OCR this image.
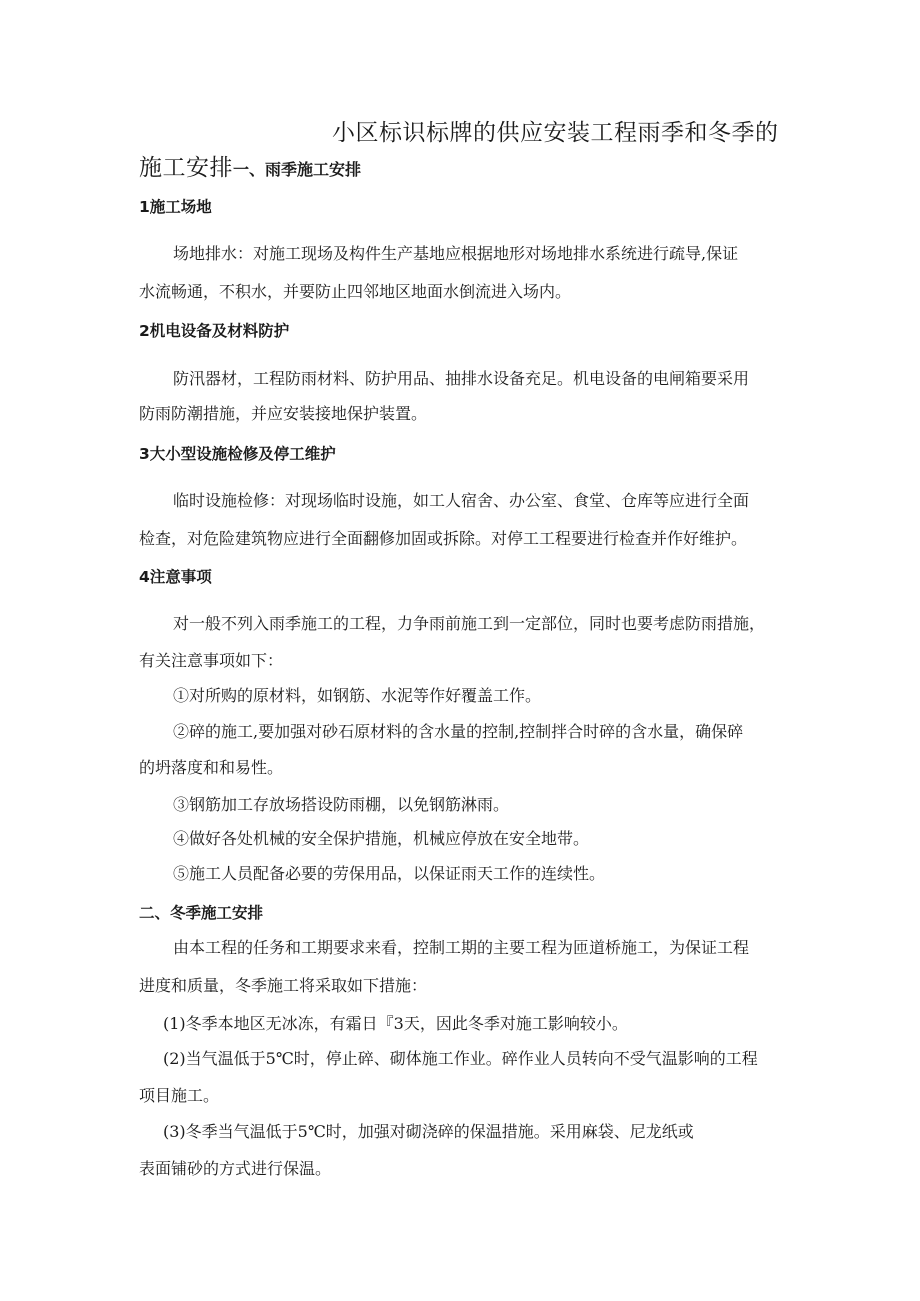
小区标识标牌的供应安装工程雨季和冬季的
施工安排一、雨季施工安排
1施工场地
场地排水：对施工现场及构件生产基地应根据地形对场地排水系统进行疏导,保证
水流畅通，不积水，并要防止四邻地区地面水倒流进入场内。
2机电设备及材料防护
防汛器材，工程防雨材料、防护用品、抽排水设备充足。机电设备的电闸箱要采用
防雨防潮措施，并应安装接地保护装置。
3大小型设施检修及停工维护
临时设施检修：对现场临时设施，如工人宿舍、办公室、食堂、仓库等应进行全面
检查，对危险建筑物应进行全面翻修加固或拆除。对停工工程要进行检查并作好维护。
4注意事项
对一般不列入雨季施工的工程，力争雨前施工到一定部位，同时也要考虑防雨措施，
有关注意事项如下：
①对所购的原材料，如钢筋、水泥等作好覆盖工作。
②碎的施工,要加强对砂石原材料的含水量的控制,控制拌合时碎的含水量，确保碎
的坍落度和和易性。
③钢筋加工存放场搭设防雨棚，以免钢筋淋雨。
④做好各处机械的安全保护措施，机械应停放在安全地带。
⑤施工人员配备必要的劳保用品，以保证雨天工作的连续性。
二、冬季施工安排
由本工程的任务和工期要求来看，控制工期的主要工程为匝道桥施工，为保证工程
进度和质量，冬季施工将采取如下措施：
(1)冬季本地区无冰冻，有霜日『3天，因此冬季对施工影响较小。
(2)当气温低于5℃时，停止碎、砌体施工作业。碎作业人员转向不受气温影响的工程
项目施工。
(3)冬季当气温低于5℃时，加强对砌浇碎的保温措施。采用麻袋、尼龙纸或
表面铺砂的方式进行保温。
